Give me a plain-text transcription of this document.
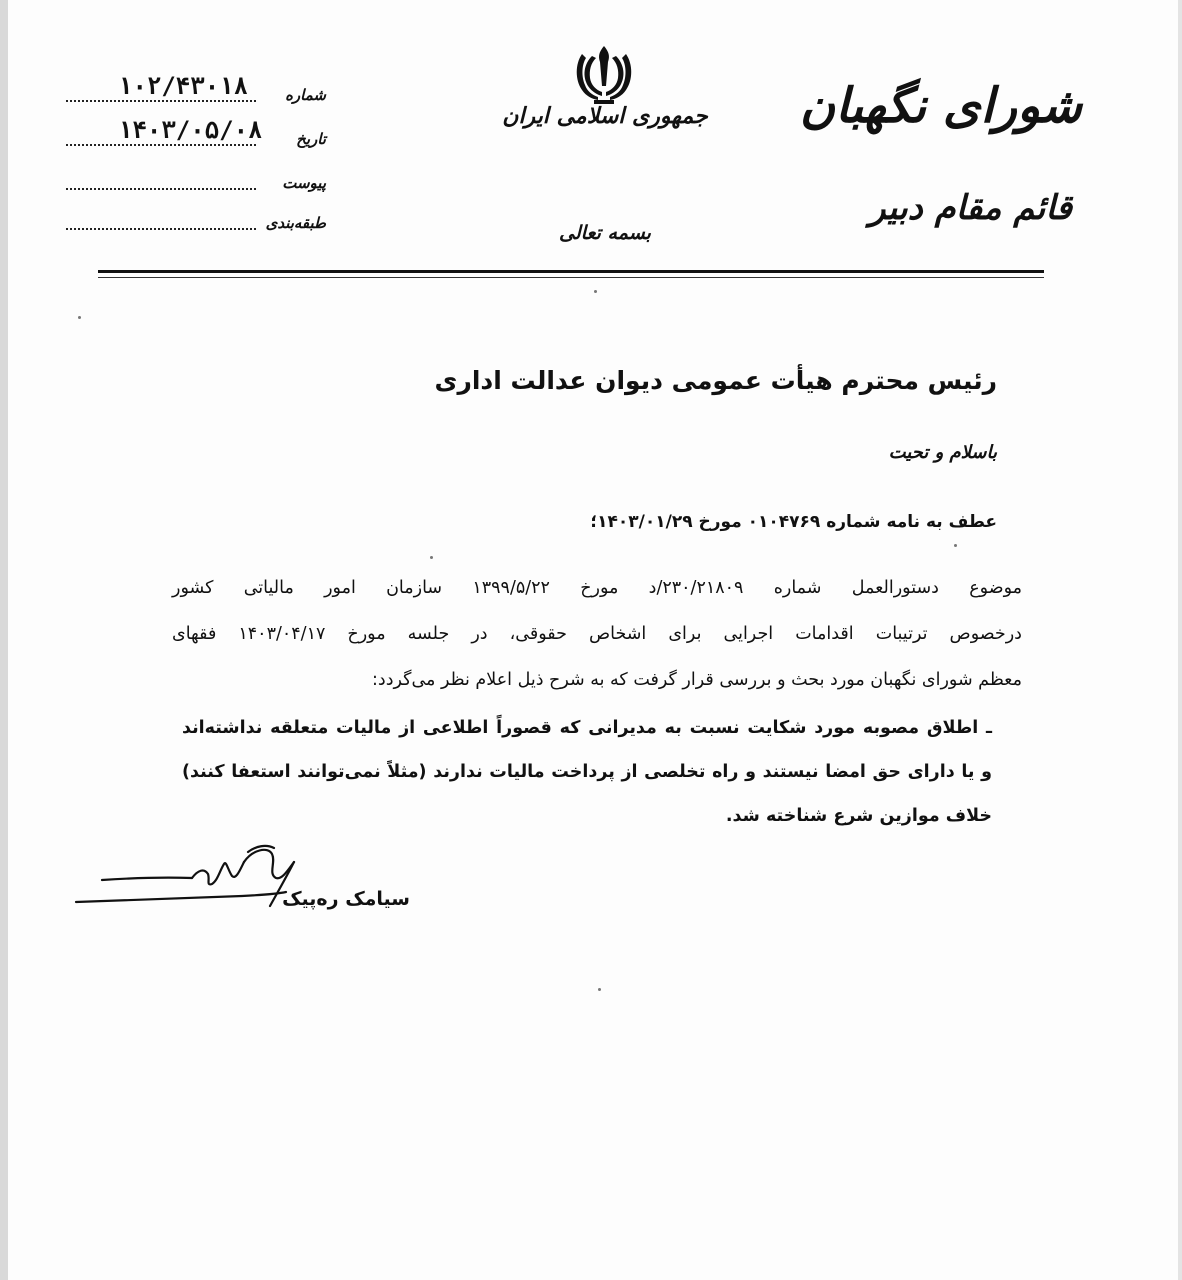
شورای نگهبان
قائم مقام دبیر
جمهوری اسلامی ایران
بسمه تعالی
۱۰۲/۴۳۰۱۸	شماره
۱۴۰۳/۰۵/۰۸	تاریخ
پیوست
طبقه‌بندی
رئیس محترم هیأت عمومی دیوان عدالت اداری
باسلام و تحیت
عطف به نامه شماره ۰۱۰۴۷۶۹ مورخ ۱۴۰۳/۰۱/۲۹؛
موضوع دستورالعمل شماره ۲۳۰/۲۱۸۰۹/د مورخ ۱۳۹۹/۵/۲۲ سازمان امور مالیاتی کشور
درخصوص ترتیبات اقدامات اجرایی برای اشخاص حقوقی، در جلسه مورخ ۱۴۰۳/۰۴/۱۷ فقهای
معظم شورای نگهبان مورد بحث و بررسی قرار گرفت که به شرح ذیل اعلام نظر می‌گردد:
ـ اطلاق مصوبه مورد شکایت نسبت به مدیرانی که قصوراً اطلاعی از مالیات متعلقه نداشته‌اند
و یا دارای حق امضا نیستند و راه تخلصی از پرداخت مالیات ندارند (مثلاً نمی‌توانند استعفا کنند)
خلاف موازین شرع شناخته شد.
سیامک ره‌پیک
